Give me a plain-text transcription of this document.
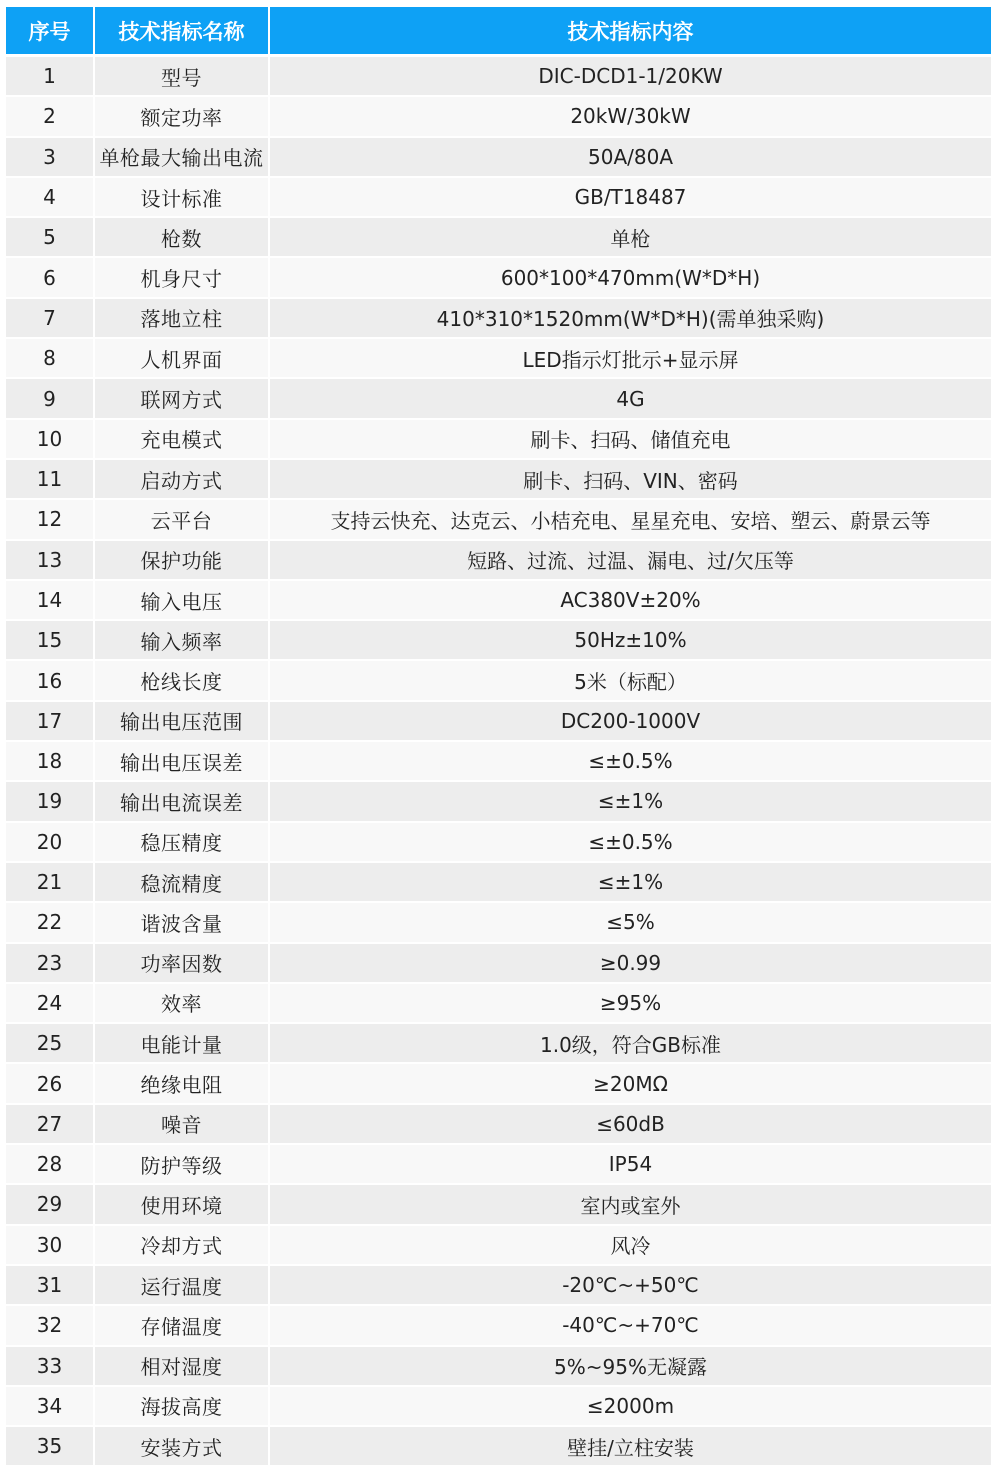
序号	技术指标名称	技术指标内容
1	型号	DIC-DCD1-1/20KW
2	额定功率	20kW/30kW
3	单枪最大输出电流	50A/80A
4	设计标准	GB/T18487
5	枪数	单枪
6	机身尺寸	600*100*470mm(W*D*H)
7	落地立柱	410*310*1520mm(W*D*H)(需单独采购)
8	人机界面	LED指示灯批示+显示屏
9	联网方式	4G
10	充电模式	刷卡、扫码、储值充电
11	启动方式	刷卡、扫码、VIN、密码
12	云平台	支持云快充、达克云、小桔充电、星星充电、安培、塑云、蔚景云等
13	保护功能	短路、过流、过温、漏电、过/欠压等
14	输入电压	AC380V±20%
15	输入频率	50Hz±10%
16	枪线长度	5米（标配）
17	输出电压范围	DC200-1000V
18	输出电压误差	≤±0.5%
19	输出电流误差	≤±1%
20	稳压精度	≤±0.5%
21	稳流精度	≤±1%
22	谐波含量	≤5%
23	功率因数	≥0.99
24	效率	≥95%
25	电能计量	1.0级，符合GB标准
26	绝缘电阻	≥20MΩ
27	噪音	≤60dB
28	防护等级	IP54
29	使用环境	室内或室外
30	冷却方式	风冷
31	运行温度	-20℃~+50℃
32	存储温度	-40℃~+70℃
33	相对湿度	5%~95%无凝露
34	海拔高度	≤2000m
35	安装方式	壁挂/立柱安装
